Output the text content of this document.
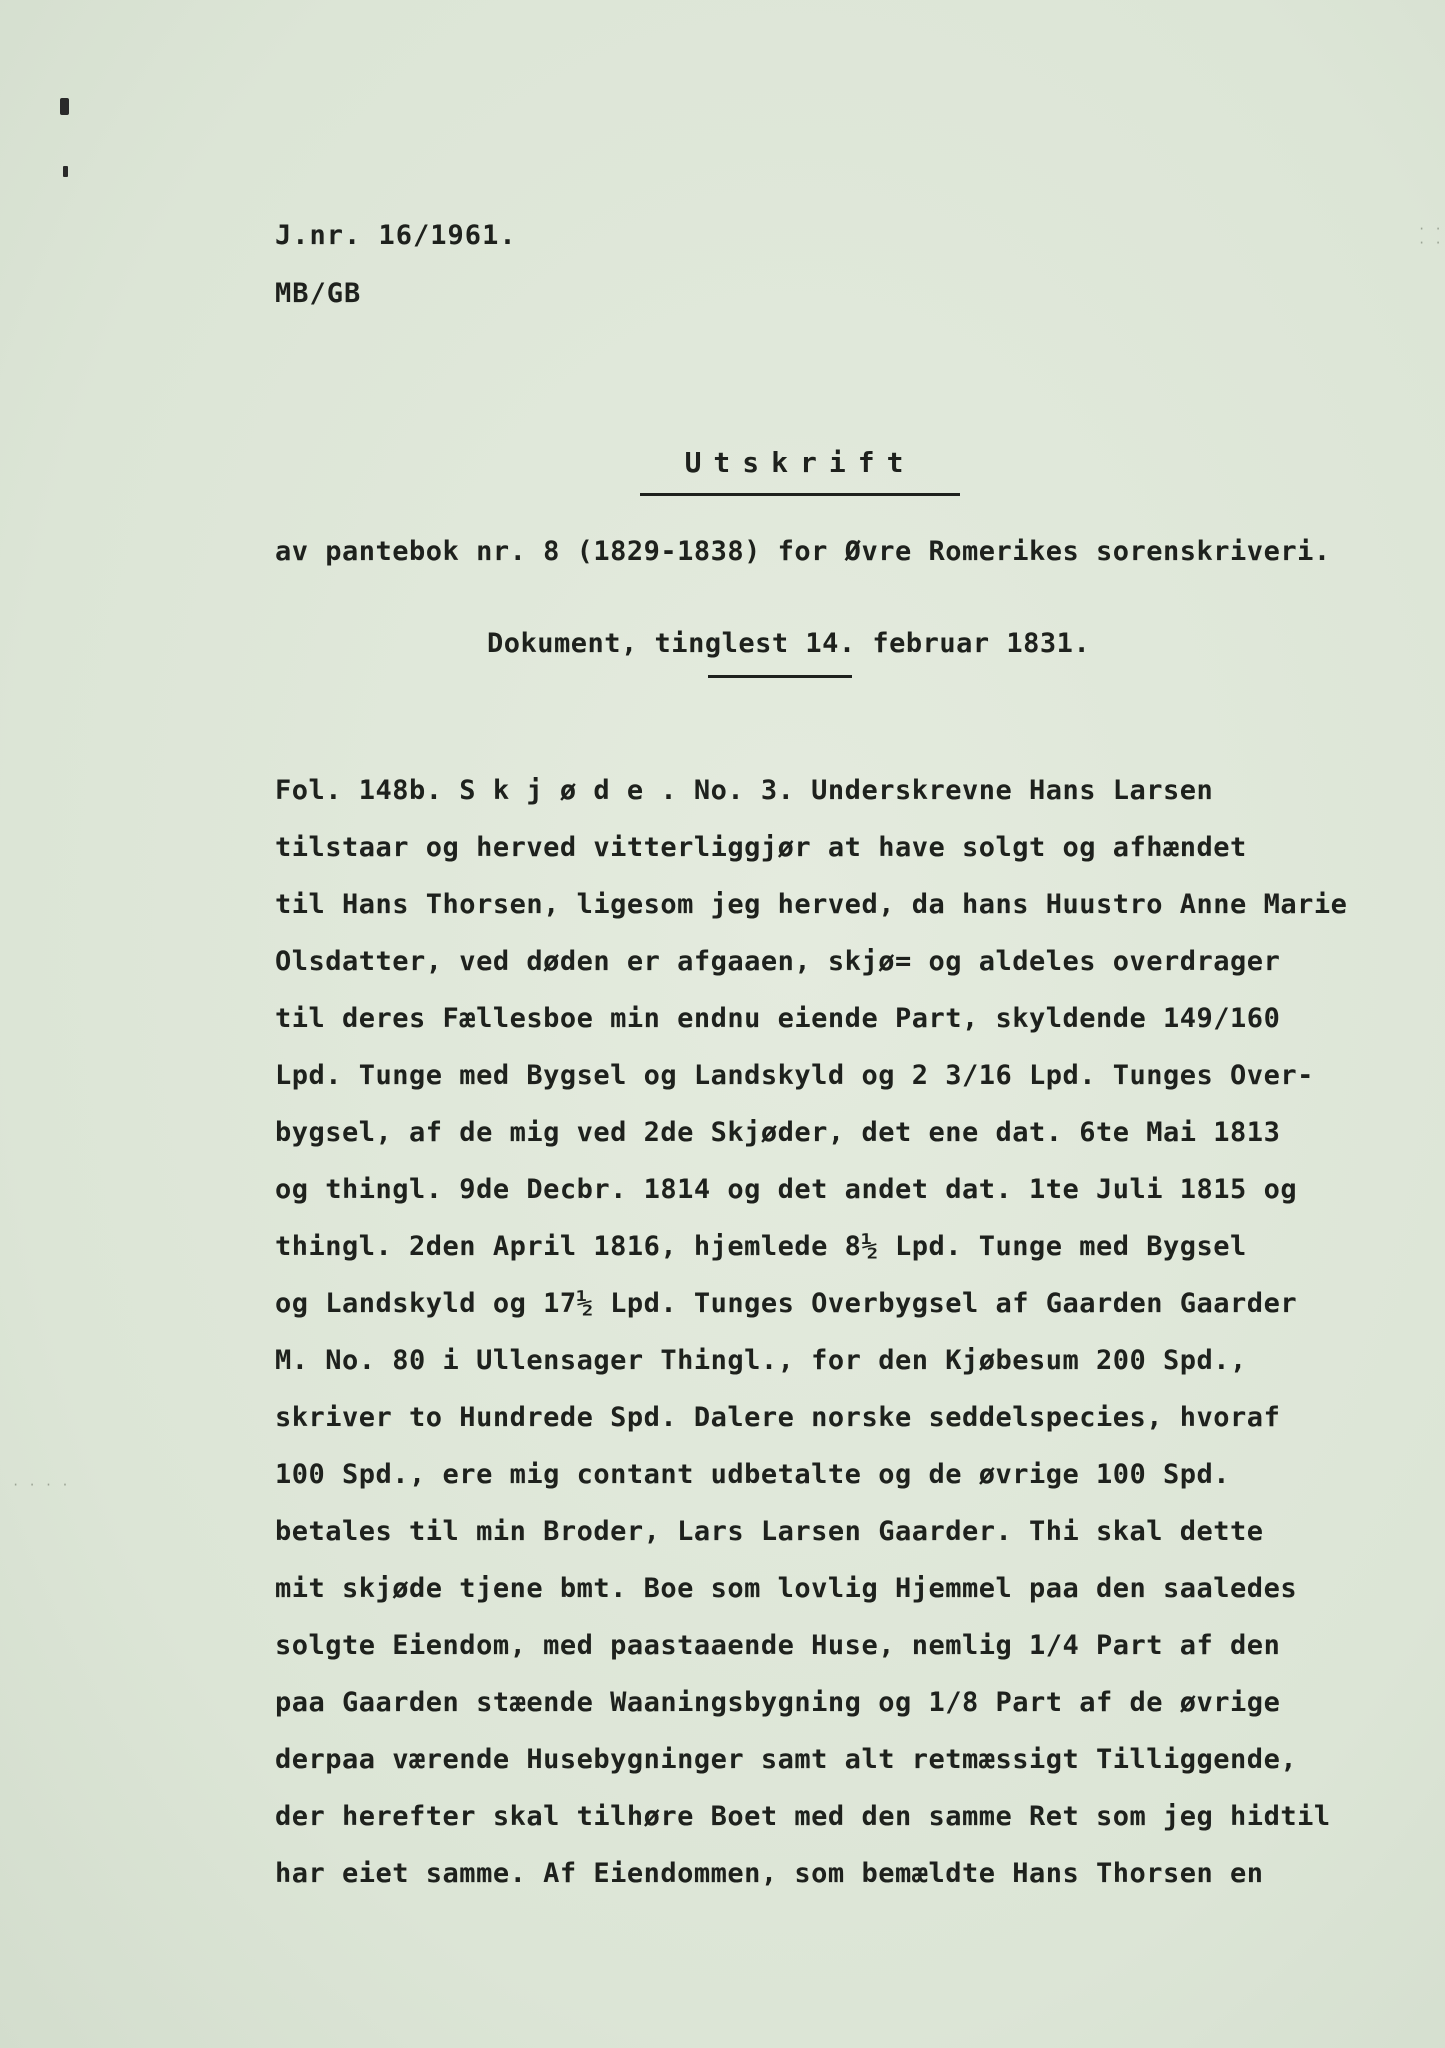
· · · ·
· · · ·
J.nr. 16/1961.
MB/GB
Utskrift
av pantebok nr. 8 (1829-1838) for Øvre Romerikes sorenskriveri.
Dokument, tinglest 14. februar 1831.
Fol. 148b. S k j ø d e . No. 3. Underskrevne Hans Larsen
tilstaar og herved vitterliggjør at have solgt og afhændet
til Hans Thorsen, ligesom jeg herved, da hans Huustro Anne Marie
Olsdatter, ved døden er afgaaen, skjø= og aldeles overdrager
til deres Fællesboe min endnu eiende Part, skyldende 149/160
Lpd. Tunge med Bygsel og Landskyld og 2 3/16 Lpd. Tunges Over-
bygsel, af de mig ved 2de Skjøder, det ene dat. 6te Mai 1813
og thingl. 9de Decbr. 1814 og det andet dat. 1te Juli 1815 og
thingl. 2den April 1816, hjemlede 8½ Lpd. Tunge med Bygsel
og Landskyld og 17½ Lpd. Tunges Overbygsel af Gaarden Gaarder
M. No. 80 i Ullensager Thingl., for den Kjøbesum 200 Spd.,
skriver to Hundrede Spd. Dalere norske seddelspecies, hvoraf
100 Spd., ere mig contant udbetalte og de øvrige 100 Spd.
betales til min Broder, Lars Larsen Gaarder. Thi skal dette
mit skjøde tjene bmt. Boe som lovlig Hjemmel paa den saaledes
solgte Eiendom, med paastaaende Huse, nemlig 1/4 Part af den
paa Gaarden stæende Waaningsbygning og 1/8 Part af de øvrige
derpaa værende Husebygninger samt alt retmæssigt Tilliggende,
der herefter skal tilhøre Boet med den samme Ret som jeg hidtil
har eiet samme. Af Eiendommen, som bemældte Hans Thorsen en
